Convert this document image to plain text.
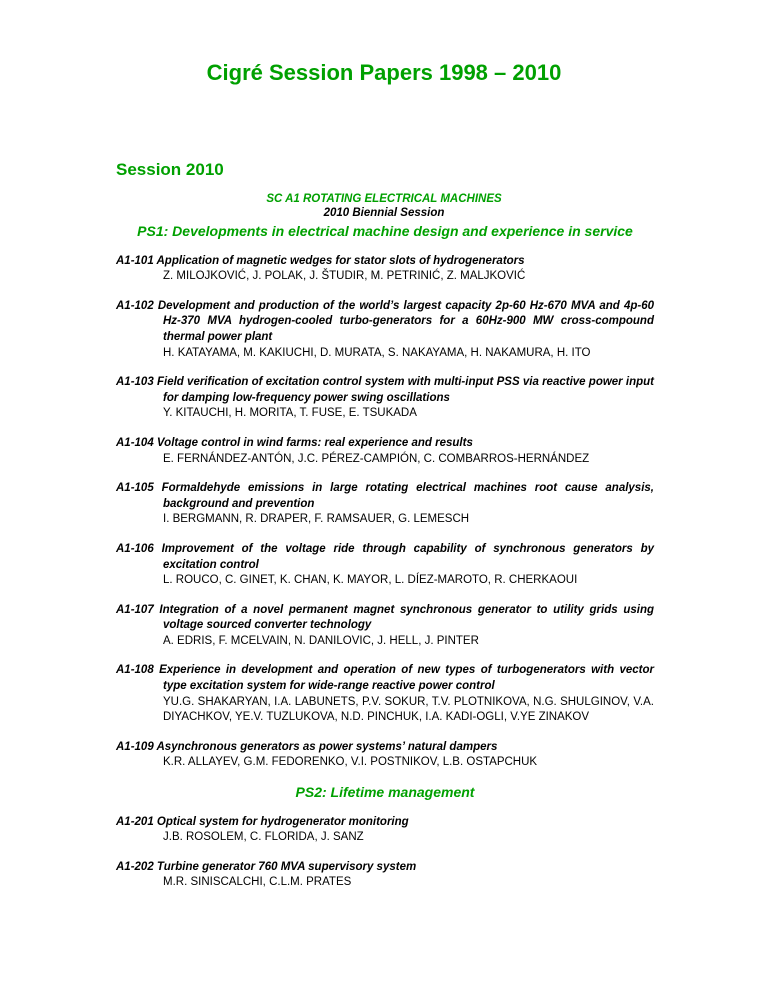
Cigré Session Papers 1998 – 2010
Session 2010
SC A1 ROTATING ELECTRICAL MACHINES
2010 Biennial Session
PS1: Developments in electrical machine design and experience in service
A1-101 Application of magnetic wedges for stator slots of hydrogenerators
Z. MILOJKOVIĆ, J. POLAK, J. ŠTUDIR, M. PETRINIĆ, Z. MALJKOVIĆ
A1-102 Development and production of the world’s largest capacity 2p-60 Hz-670 MVA and 4p-60 Hz-370 MVA hydrogen-cooled turbo-generators for a 60Hz-900 MW cross-compound thermal power plant
H. KATAYAMA, M. KAKIUCHI, D. MURATA, S. NAKAYAMA, H. NAKAMURA, H. ITO
A1-103 Field verification of excitation control system with multi-input PSS via reactive power input for damping low-frequency power swing oscillations
Y. KITAUCHI, H. MORITA, T. FUSE, E. TSUKADA
A1-104 Voltage control in wind farms: real experience and results
E. FERNÁNDEZ-ANTÓN, J.C. PÉREZ-CAMPIÓN, C. COMBARROS-HERNÁNDEZ
A1-105 Formaldehyde emissions in large rotating electrical machines root cause analysis, background and prevention
I. BERGMANN, R. DRAPER, F. RAMSAUER, G. LEMESCH
A1-106 Improvement of the voltage ride through capability of synchronous generators by excitation control
L. ROUCO, C. GINET, K. CHAN, K. MAYOR, L. DÍEZ-MAROTO, R. CHERKAOUI
A1-107 Integration of a novel permanent magnet synchronous generator to utility grids using voltage sourced converter technology
A. EDRIS, F. MCELVAIN, N. DANILOVIC, J. HELL, J. PINTER
A1-108 Experience in development and operation of new types of turbogenerators with vector type excitation system for wide-range reactive power control
YU.G. SHAKARYAN, I.A. LABUNETS, P.V. SOKUR, T.V. PLOTNIKOVA, N.G. SHULGINOV, V.A. DIYACHKOV, YE.V. TUZLUKOVA, N.D. PINCHUK, I.A. KADI-OGLI, V.YE ZINAKOV
A1-109 Asynchronous generators as power systems’ natural dampers
K.R. ALLAYEV, G.M. FEDORENKO, V.I. POSTNIKOV, L.B. OSTAPCHUK
PS2: Lifetime management
A1-201 Optical system for hydrogenerator monitoring
J.B. ROSOLEM, C. FLORIDA, J. SANZ
A1-202 Turbine generator 760 MVA supervisory system
M.R. SINISCALCHI, C.L.M. PRATES
